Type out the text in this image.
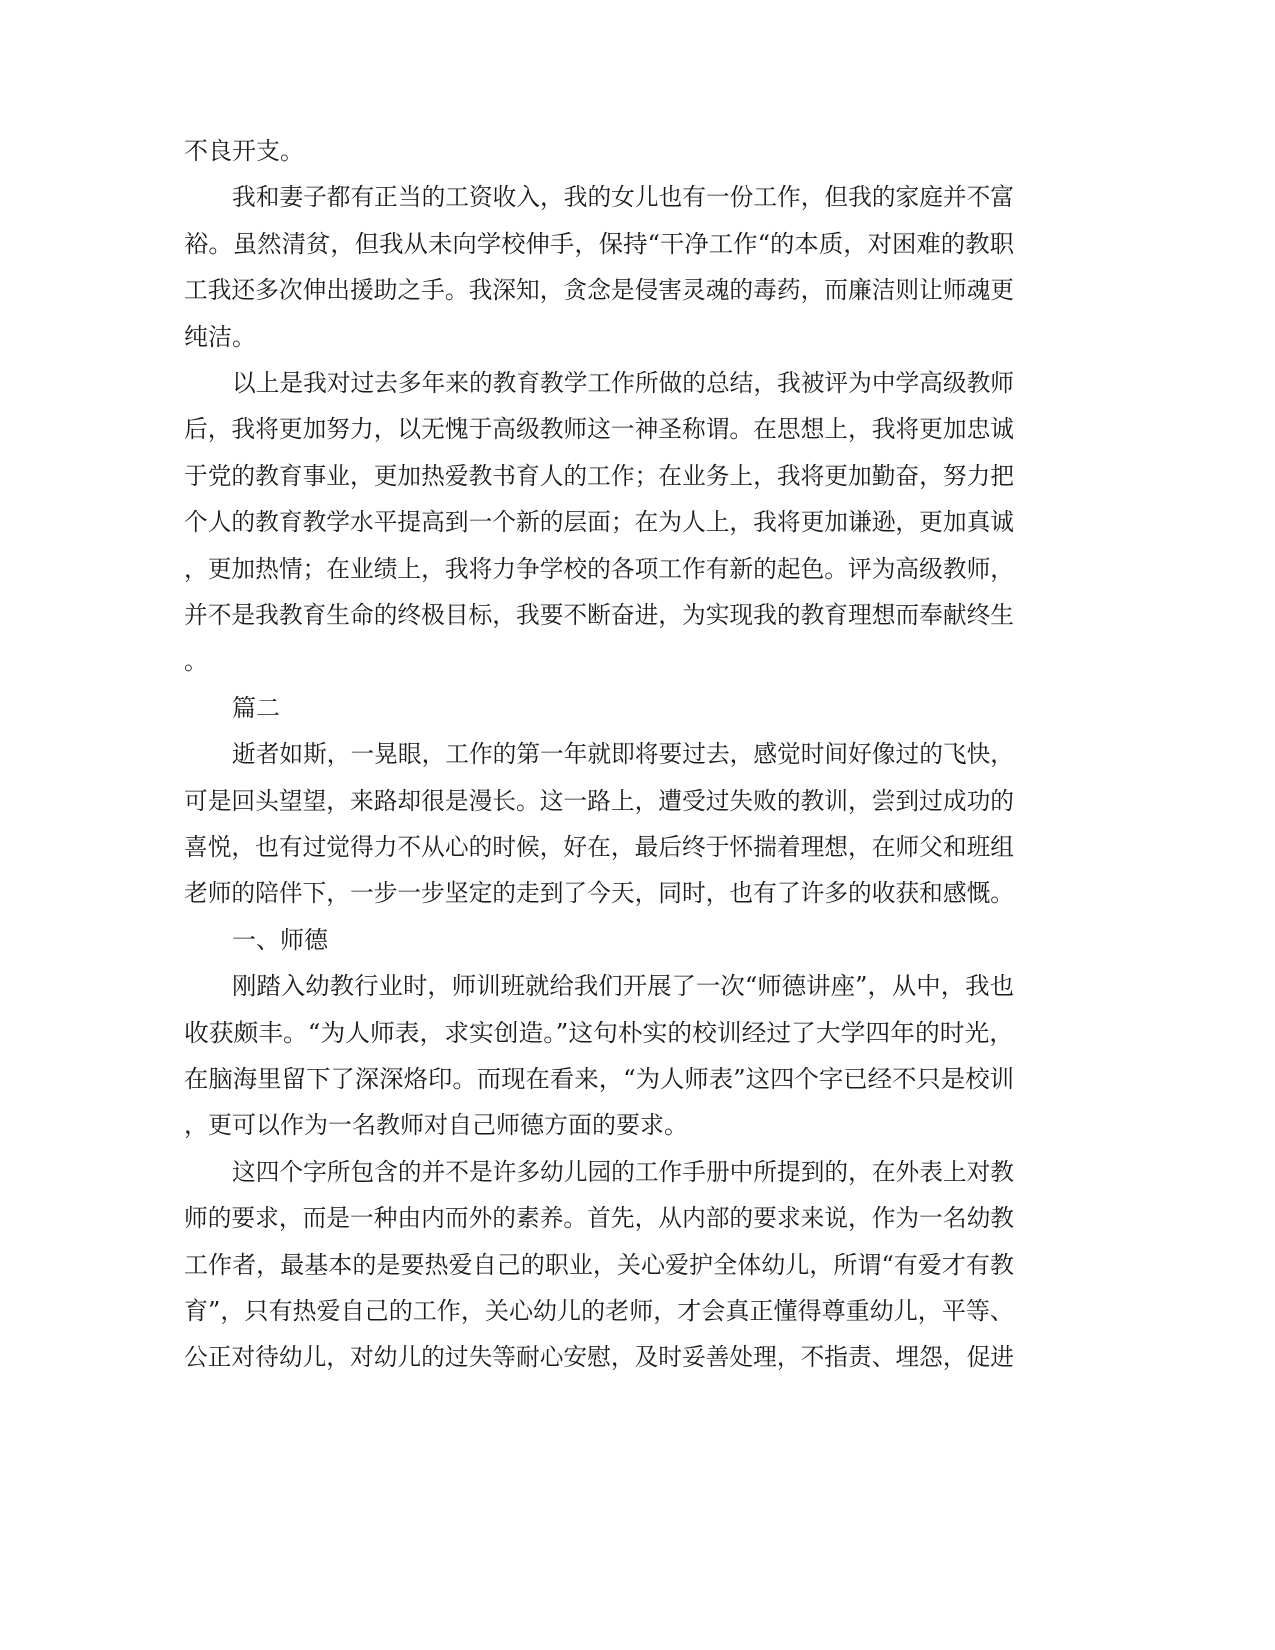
不良开支。
我和妻子都有正当的工资收入，我的女儿也有一份工作，但我的家庭并不富
裕。虽然清贫，但我从未向学校伸手，保持“干净工作“的本质，对困难的教职
工我还多次伸出援助之手。我深知，贪念是侵害灵魂的毒药，而廉洁则让师魂更
纯洁。
以上是我对过去多年来的教育教学工作所做的总结，我被评为中学高级教师
后，我将更加努力，以无愧于高级教师这一神圣称谓。在思想上，我将更加忠诚
于党的教育事业，更加热爱教书育人的工作；在业务上，我将更加勤奋，努力把
个人的教育教学水平提高到一个新的层面；在为人上，我将更加谦逊，更加真诚
，更加热情；在业绩上，我将力争学校的各项工作有新的起色。评为高级教师，
并不是我教育生命的终极目标，我要不断奋进，为实现我的教育理想而奉献终生
。
篇二
逝者如斯，一晃眼，工作的第一年就即将要过去，感觉时间好像过的飞快，
可是回头望望，来路却很是漫长。这一路上，遭受过失败的教训，尝到过成功的
喜悦，也有过觉得力不从心的时候，好在，最后终于怀揣着理想，在师父和班组
老师的陪伴下，一步一步坚定的走到了今天，同时，也有了许多的收获和感慨。
一、师德
刚踏入幼教行业时，师训班就给我们开展了一次“师德讲座”，从中，我也
收获颇丰。“为人师表，求实创造。”这句朴实的校训经过了大学四年的时光，
在脑海里留下了深深烙印。而现在看来，“为人师表”这四个字已经不只是校训
，更可以作为一名教师对自己师德方面的要求。
这四个字所包含的并不是许多幼儿园的工作手册中所提到的，在外表上对教
师的要求，而是一种由内而外的素养。首先，从内部的要求来说，作为一名幼教
工作者，最基本的是要热爱自己的职业，关心爱护全体幼儿，所谓“有爱才有教
育”，只有热爱自己的工作，关心幼儿的老师，才会真正懂得尊重幼儿，平等、
公正对待幼儿，对幼儿的过失等耐心安慰，及时妥善处理，不指责、埋怨，促进
